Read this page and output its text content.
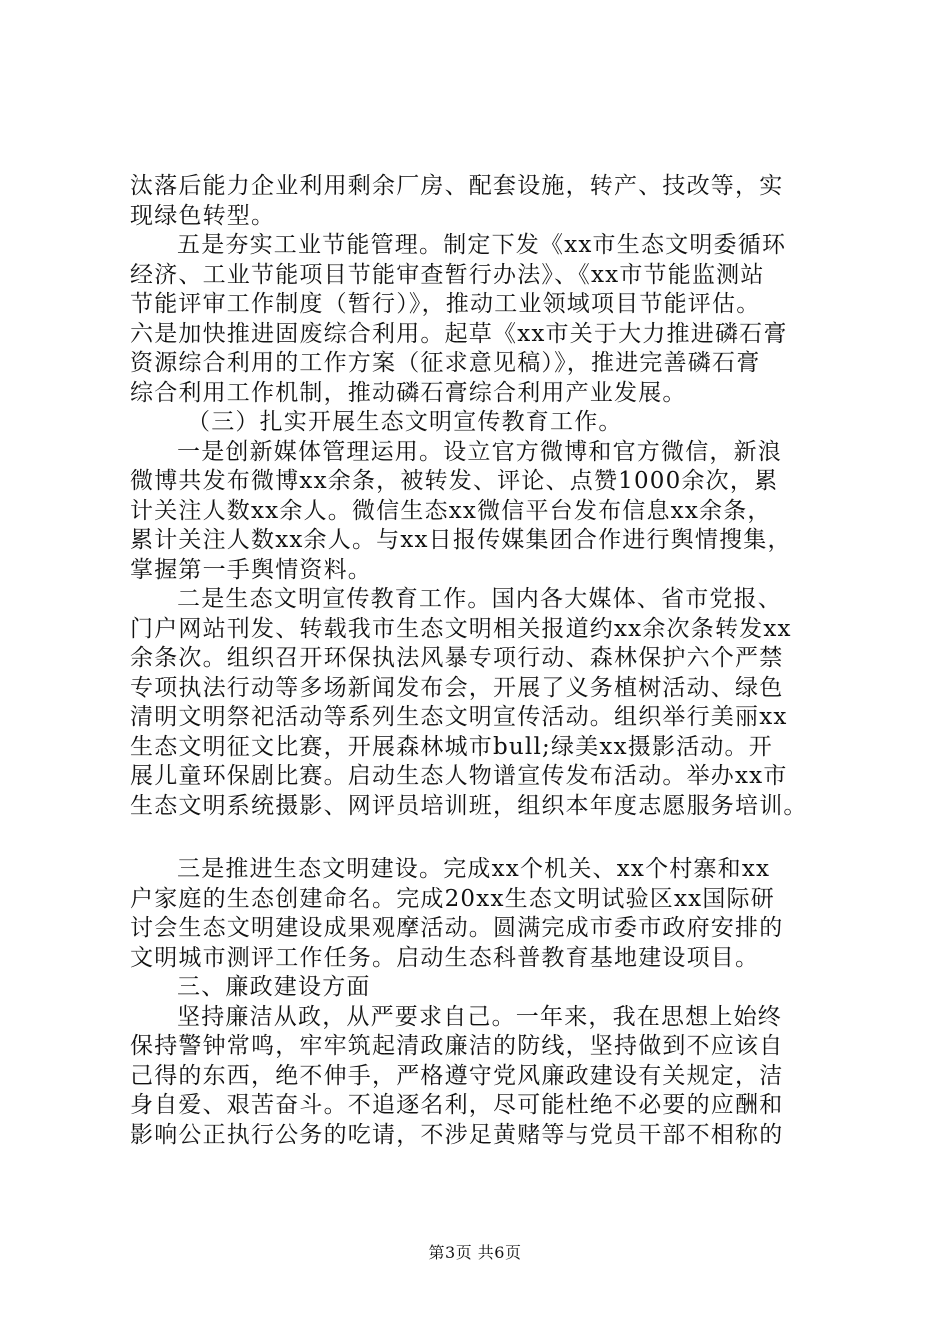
汰落后能力企业利用剩余厂房、配套设施，转产、技改等，实
现绿色转型。
五是夯实工业节能管理。制定下发《xx市生态文明委循环
经济、工业节能项目节能审查暂行办法》、《xx市节能监测站
节能评审工作制度（暂行）》，推动工业领域项目节能评估。
六是加快推进固废综合利用。起草《xx市关于大力推进磷石膏
资源综合利用的工作方案（征求意见稿）》，推进完善磷石膏
综合利用工作机制，推动磷石膏综合利用产业发展。
（三）扎实开展生态文明宣传教育工作。
一是创新媒体管理运用。设立官方微博和官方微信，新浪
微博共发布微博xx余条，被转发、评论、点赞1000余次，累
计关注人数xx余人。微信生态xx微信平台发布信息xx余条，
累计关注人数xx余人。与xx日报传媒集团合作进行舆情搜集，
掌握第一手舆情资料。
二是生态文明宣传教育工作。国内各大媒体、省市党报、
门户网站刊发、转载我市生态文明相关报道约xx余次条转发xx
余条次。组织召开环保执法风暴专项行动、森林保护六个严禁
专项执法行动等多场新闻发布会，开展了义务植树活动、绿色
清明文明祭祀活动等系列生态文明宣传活动。组织举行美丽xx
生态文明征文比赛，开展森林城市bull;绿美xx摄影活动。开
展儿童环保剧比赛。启动生态人物谱宣传发布活动。举办xx市
生态文明系统摄影、网评员培训班，组织本年度志愿服务培训。
三是推进生态文明建设。完成xx个机关、xx个村寨和xx
户家庭的生态创建命名。完成20xx生态文明试验区xx国际研
讨会生态文明建设成果观摩活动。圆满完成市委市政府安排的
文明城市测评工作任务。启动生态科普教育基地建设项目。
三、廉政建设方面
坚持廉洁从政，从严要求自己。一年来，我在思想上始终
保持警钟常鸣，牢牢筑起清政廉洁的防线，坚持做到不应该自
己得的东西，绝不伸手，严格遵守党风廉政建设有关规定，洁
身自爱、艰苦奋斗。不追逐名利，尽可能杜绝不必要的应酬和
影响公正执行公务的吃请，不涉足黄赌等与党员干部不相称的
第3页 共6页
